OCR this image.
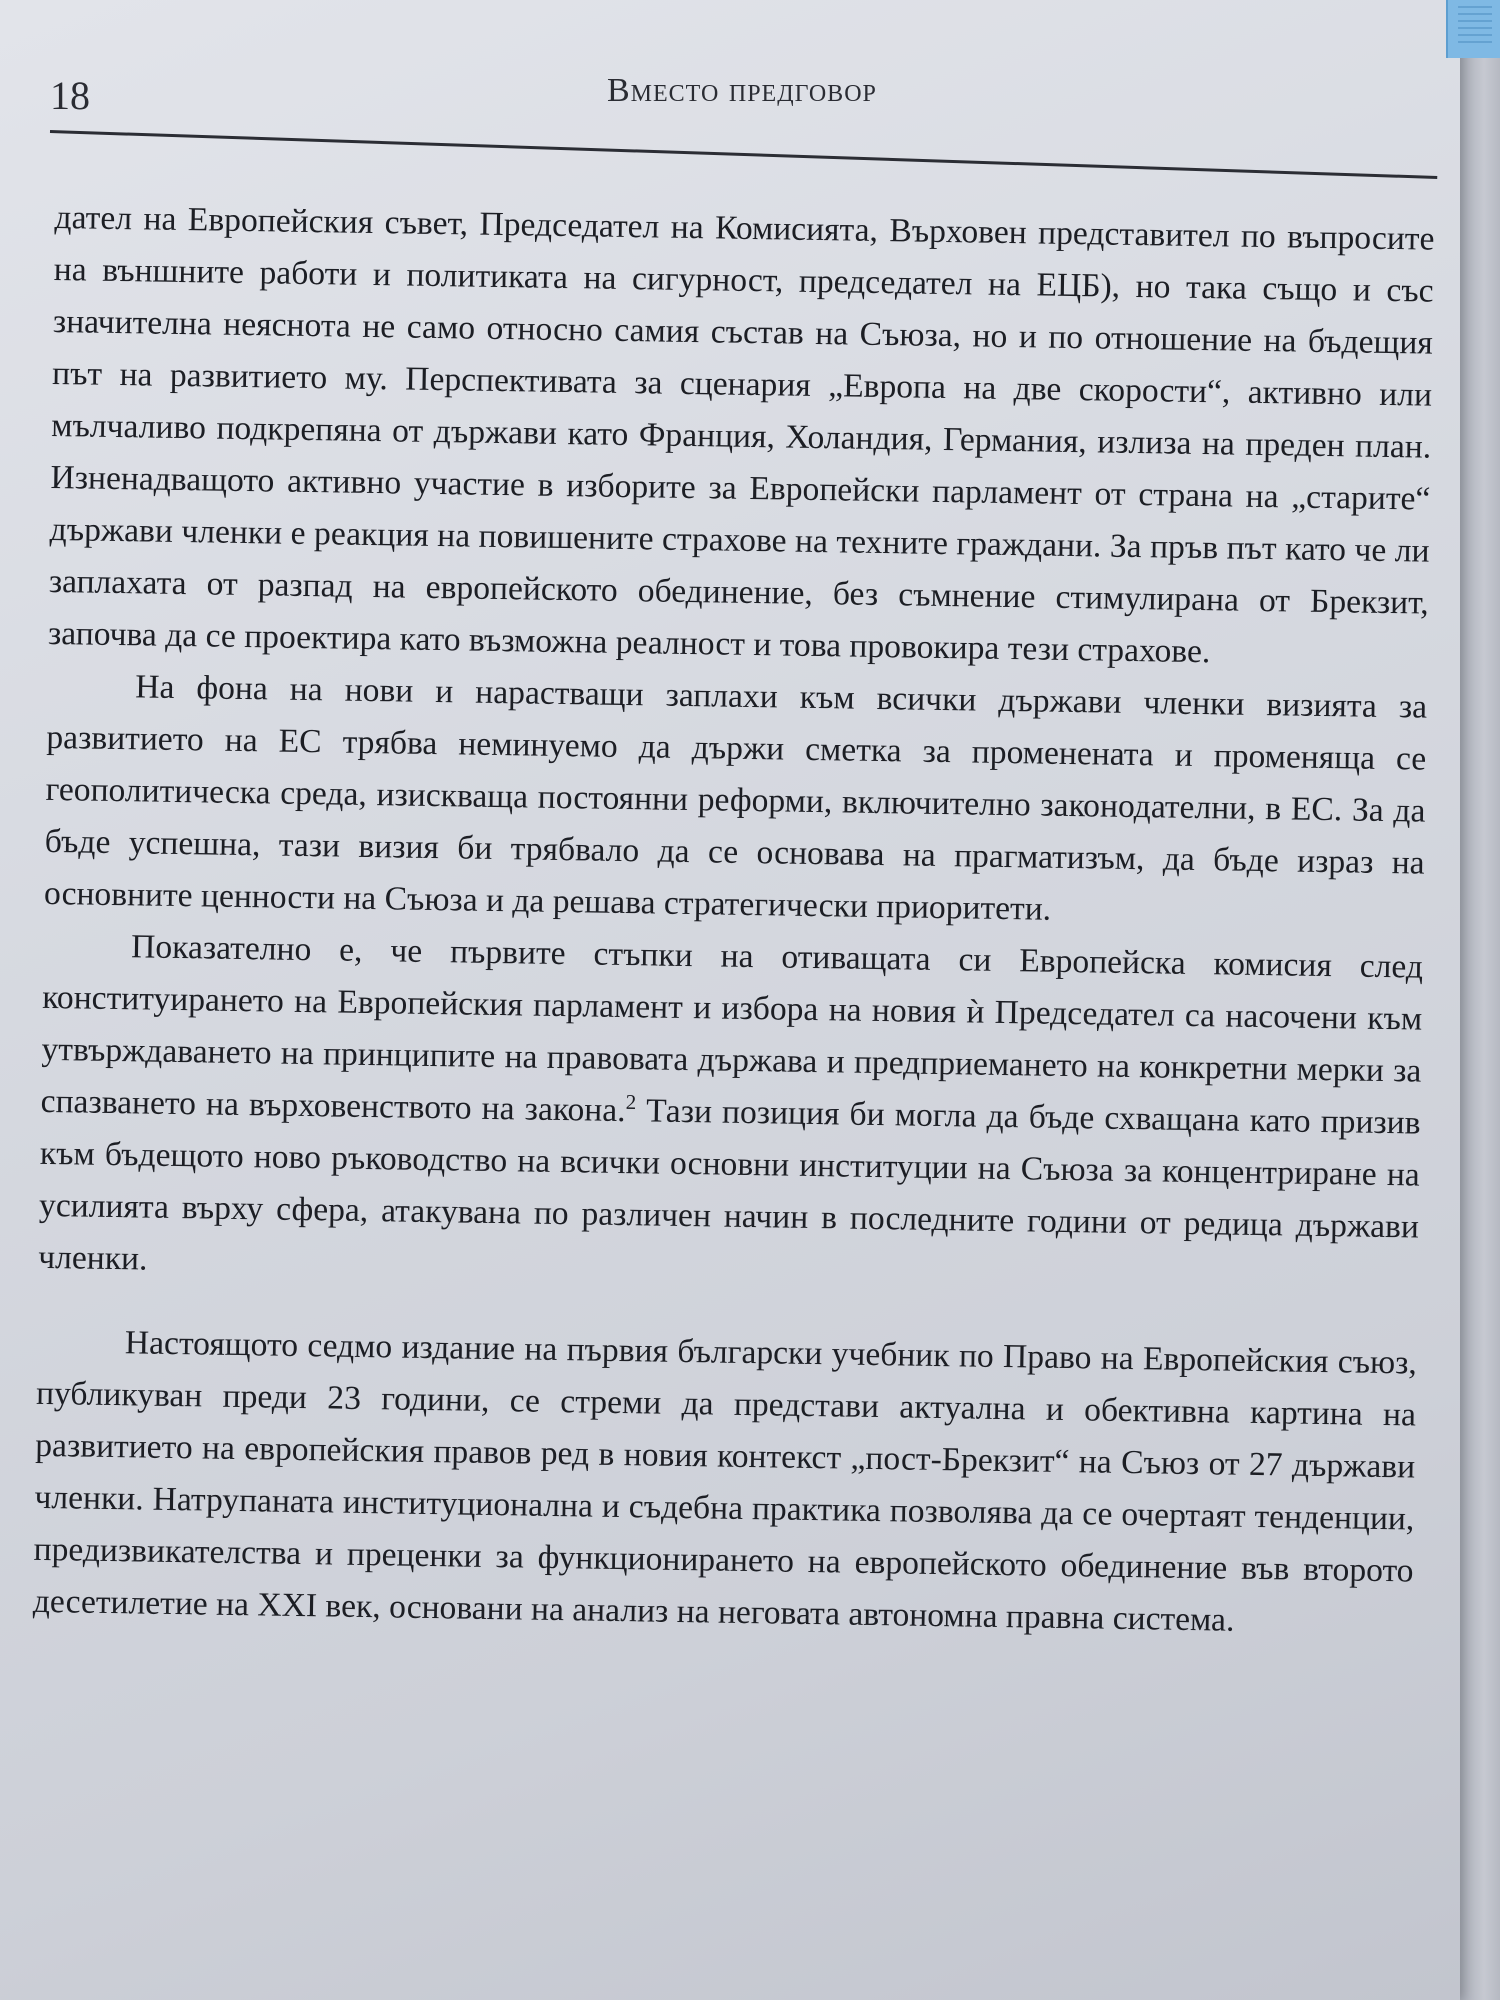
18	Вместо предговор

дател на Европейския съвет, Председател на Комисията, Върховен представител по въпросите на външните работи и политиката на сигурност, председател на ЕЦБ), но така също и със значителна неяснота не само относно самия състав на Съюза, но и по отношение на бъдещия път на развитието му. Перспективата за сценария „Европа на две скорости“, активно или мълчаливо подкрепяна от държави като Франция, Холандия, Германия, излиза на преден план. Изненадващото активно участие в изборите за Европейски парламент от страна на „старите“ държави членки е реакция на повишените страхове на техните граждани. За пръв път като че ли заплахата от разпад на европейското обединение, без съмнение стимулирана от Брекзит, започва да се проектира като възможна реалност и това провокира тези страхове.

На фона на нови и нарастващи заплахи към всички държави членки визията за развитието на ЕС трябва неминуемо да държи сметка за променената и променяща се геополитическа среда, изискваща постоянни реформи, включително законодателни, в ЕС. За да бъде успешна, тази визия би трябвало да се основава на прагматизъм, да бъде израз на основните ценности на Съюза и да решава стратегически приоритети.

Показателно е, че първите стъпки на отиващата си Европейска комисия след конституирането на Европейския парламент и избора на новия ѝ Председател са насочени към утвърждаването на принципите на правовата държава и предприемането на конкретни мерки за спазването на върховенството на закона.$^2$ Тази позиция би могла да бъде схващана като призив към бъдещото ново ръководство на всички основни институции на Съюза за концентриране на усилията върху сфера, атакувана по различен начин в последните години от редица държави членки.

Настоящото седмо издание на първия български учебник по Право на Европейския съюз, публикуван преди 23 години, се стреми да представи актуална и обективна картина на развитието на европейския правов ред в новия контекст „пост-Брекзит“ на Съюз от 27 държави членки. Натрупаната институционална и съдебна практика позволява да се очертаят тенденции, предизвикателства и преценки за функционирането на европейското обединение във второто десетилетие на XXI век, основани на анализ на неговата автономна правна система.
